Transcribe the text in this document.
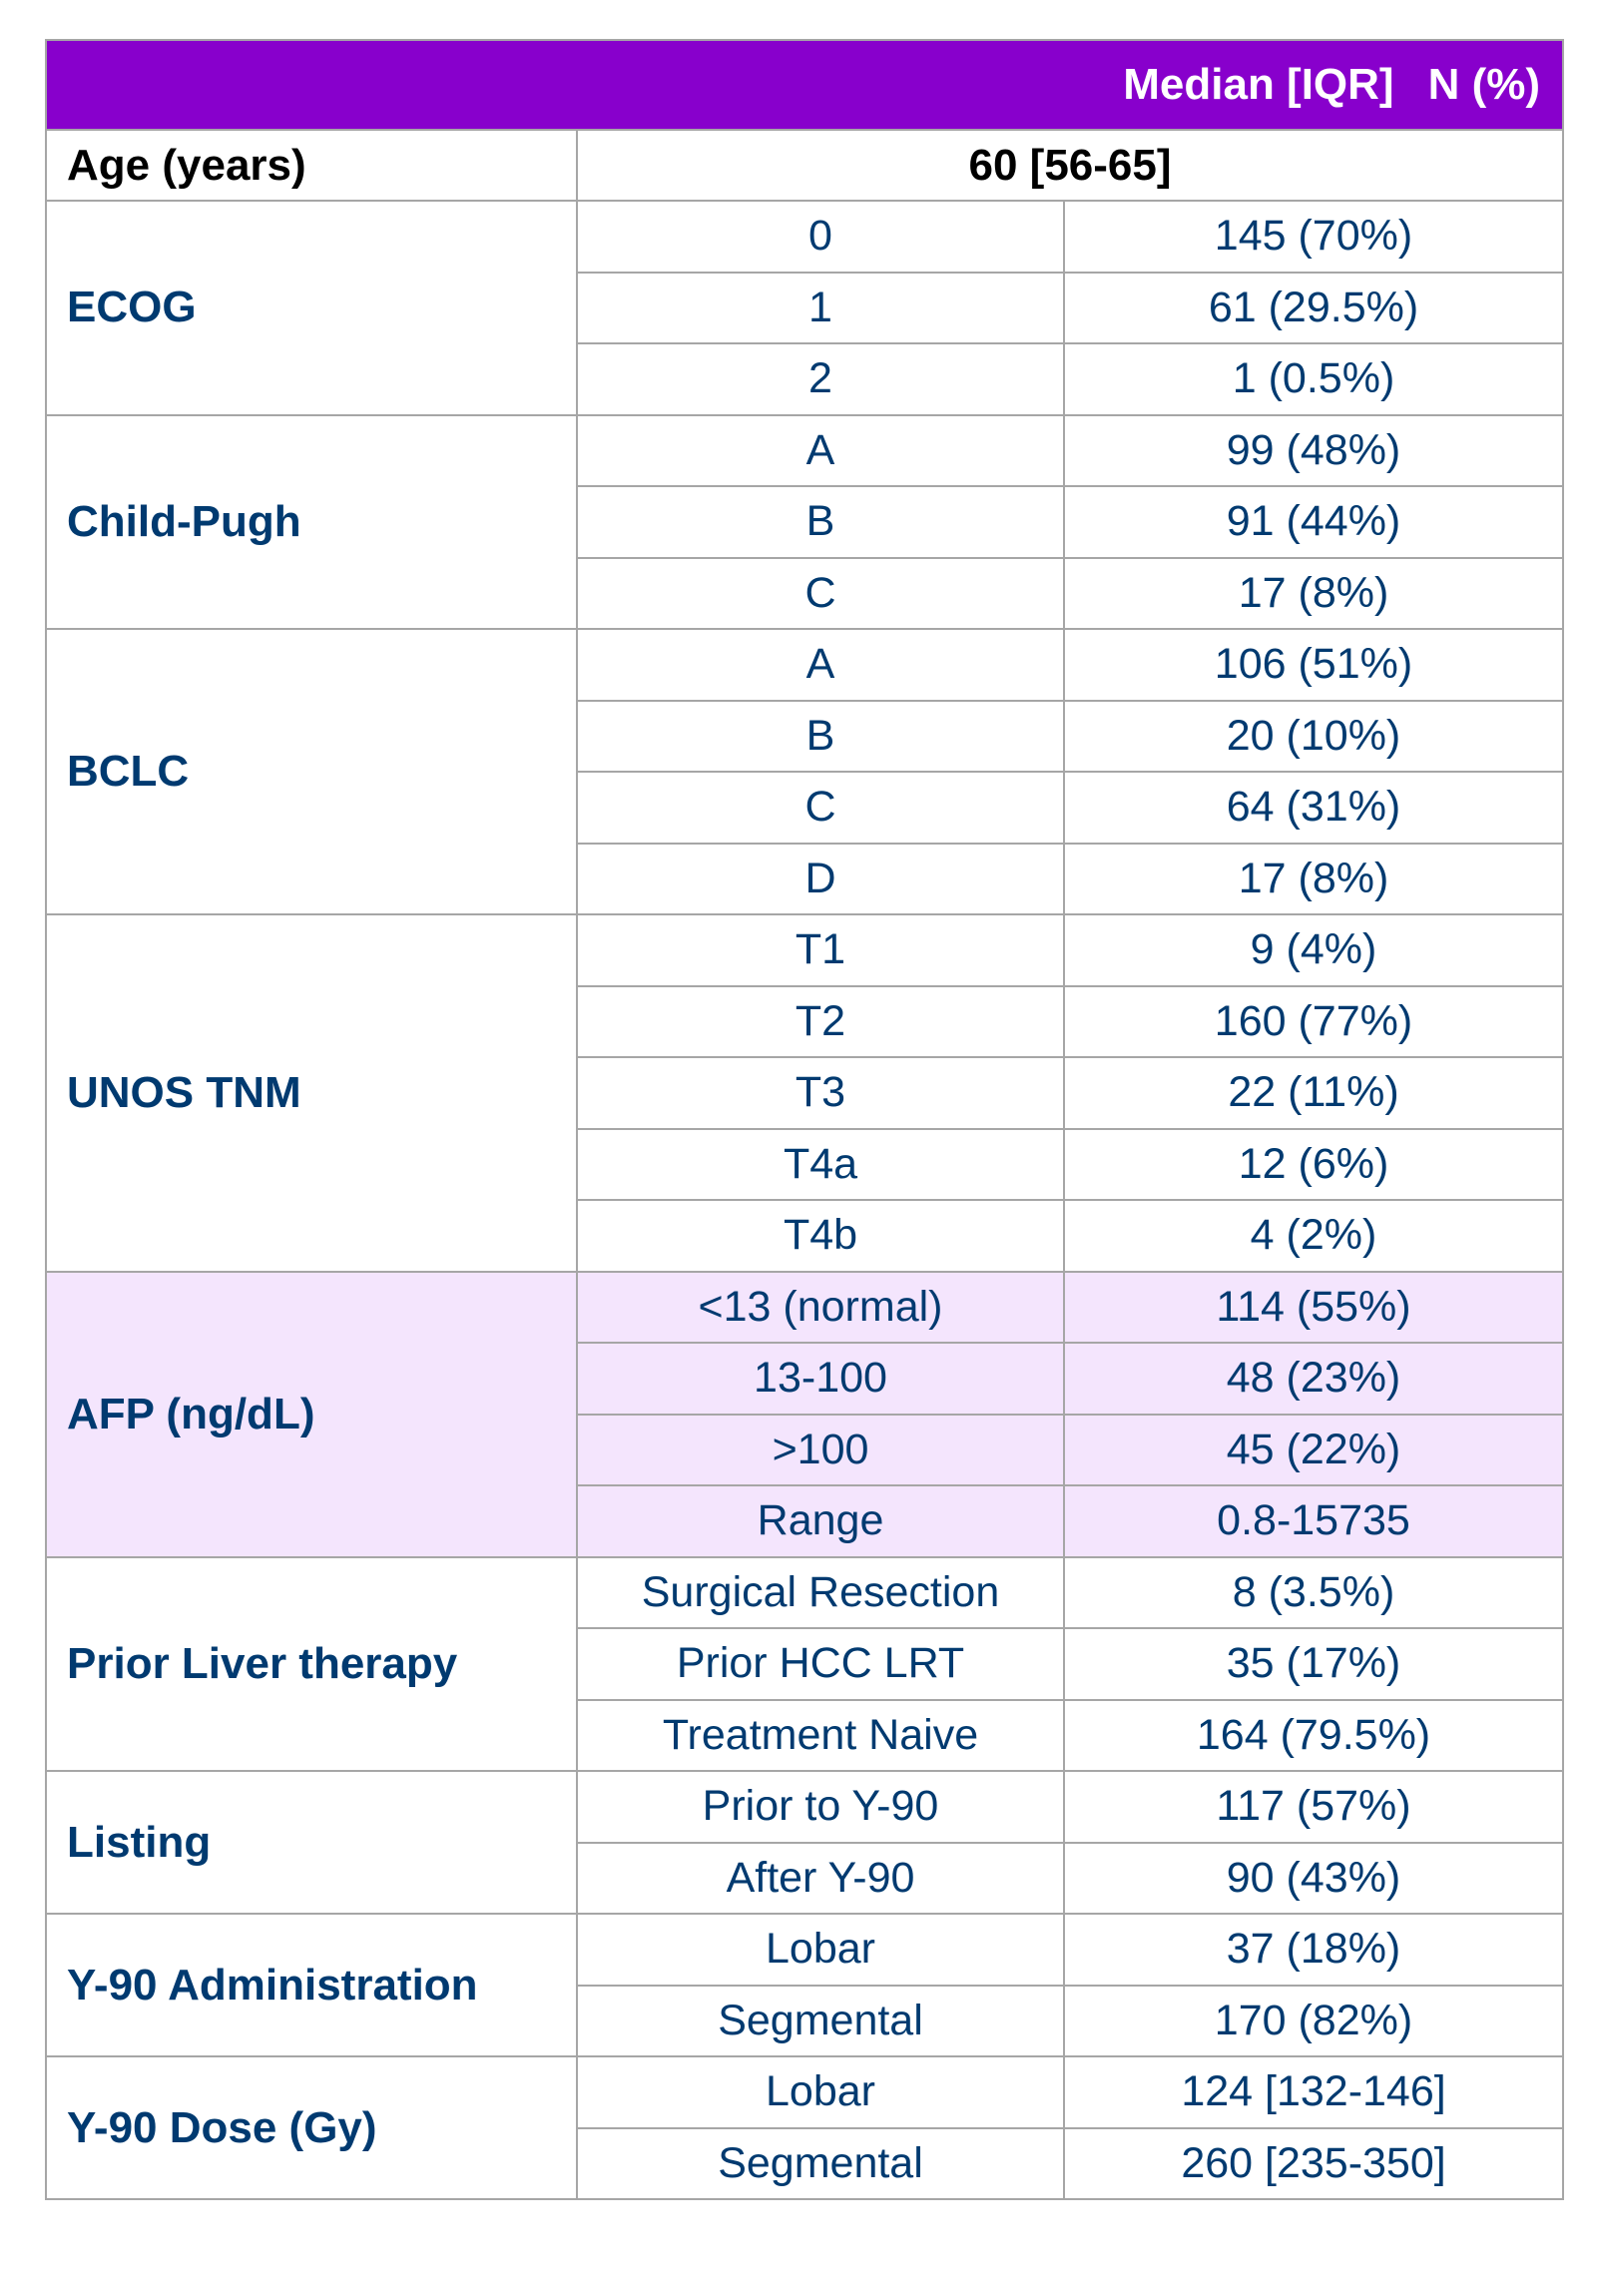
Median [IQR] N (%)		
Age (years)	60 [56-65]	
ECOG	0	145 (70%)
	1	61 (29.5%)
	2	1 (0.5%)
Child-Pugh	A	99 (48%)
	B	91 (44%)
	C	17 (8%)
BCLC	A	106 (51%)
	B	20 (10%)
	C	64 (31%)
	D	17 (8%)
UNOS TNM	T1	9 (4%)
	T2	160 (77%)
	T3	22 (11%)
	T4a	12 (6%)
	T4b	4 (2%)
AFP (ng/dL)	<13 (normal)	114 (55%)
	13-100	48 (23%)
	>100	45 (22%)
	Range	0.8-15735
Prior Liver therapy	Surgical Resection	8 (3.5%)
	Prior HCC LRT	35 (17%)
	Treatment Naive	164 (79.5%)
Listing	Prior to Y-90	117 (57%)
	After Y-90	90 (43%)
Y-90 Administration	Lobar	37 (18%)
	Segmental	170 (82%)
Y-90 Dose (Gy)	Lobar	124 [132-146]
	Segmental	260 [235-350]
